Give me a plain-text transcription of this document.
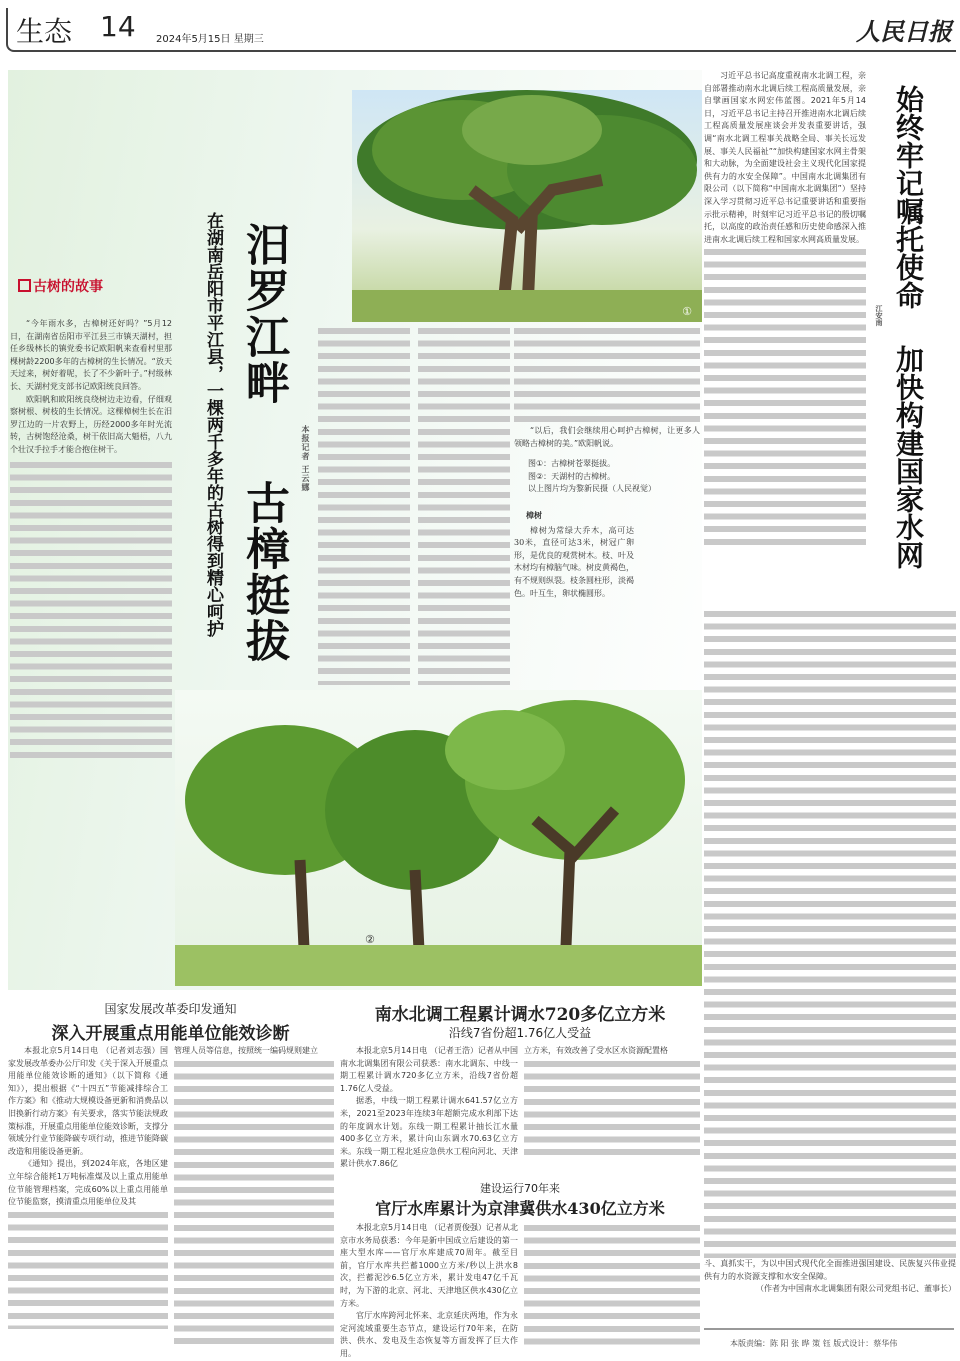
生态 14 2024年5月15日 星期三	人民日报
古树的故事

“今年雨水多，古樟树还好吗？”5月12日，在湖南省岳阳市平江县三市镇天湖村，担任乡级林长的镇党委书记欧阳帆来查看村里那棵树龄2200多年的古樟树的生长情况。“放天天过来，树好着呢，长了不少新叶子。”村级林长、天湖村党支部书记欧阳统良回答。

欧阳帆和欧阳统良绕树边走边看，仔细观察树根、树枝的生长情况。这棵樟树生长在汨罗江边的一片农野上，历经2000多年时光流转，古树饱经沧桑，树干依旧高大魁梧，八九个壮汉手拉手才能合抱住树干。	在湖南岳阳市平江县，一棵两千多年的古树得到精心呵护 汨罗江畔
古樟挺拔
本报记者 王云娜
①

“以后，我们会继续用心呵护古樟树，让更多人领略古樟树的美。”欧阳帆说。

图①：古樟树苍翠挺拔。
图②：天湖村的古樟树。
以上图片均为黎新民摄（人民视觉）
樟树

樟树为常绿大乔木，高可达30米，直径可达3米，树冠广卵形，是优良的观赏树木。枝、叶及木材均有樟脑气味。树皮黄褐色，有不规则纵裂。枝条圆柱形，淡褐色。叶互生，卵状椭圆形。

②
始终牢记嘱托使命
加快构建国家水网
江安南

习近平总书记高度重视南水北调工程，亲自部署推动南水北调后续工程高质量发展，亲自擘画国家水网宏伟蓝图。2021年5月14日，习近平总书记主持召开推进南水北调后续工程高质量发展座谈会并发表重要讲话，强调“南水北调工程事关战略全局、事关长远发展、事关人民福祉”“加快构建国家水网主骨架和大动脉，为全面建设社会主义现代化国家提供有力的水安全保障”。中国南水北调集团有限公司（以下简称“中国南水北调集团”）坚持深入学习贯彻习近平总书记重要讲话和重要指示批示精神，时刻牢记习近平总书记的殷切嘱托，以高度的政治责任感和历史使命感深入推进南水北调后续工程和国家水网高质量发展。

斗、真抓实干，为以中国式现代化全面推进强国建设、民族复兴伟业提供有力的水资源支撑和水安全保障。

（作者为中国南水北调集团有限公司党组书记、董事长）
本版责编：陈 阳 张 晔 策 钰 版式设计：蔡华伟
国家发展改革委印发通知
深入开展重点用能单位能效诊断

本报北京5月14日电 （记者刘志强）国家发展改革委办公厅印发《关于深入开展重点用能单位能效诊断的通知》（以下简称《通知》），提出根据《“十四五”节能减排综合工作方案》和《推动大规模设备更新和消费品以旧换新行动方案》有关要求，落实节能法规政策标准，开展重点用能单位能效诊断，支撑分领域分行业节能降碳专项行动，推进节能降碳改造和用能设备更新。

《通知》提出，到2024年底，各地区建立年综合能耗1万吨标准煤及以上重点用能单位节能管理档案，完成60%以上重点用能单位节能监察，摸清重点用能单位及其

管理人员等信息，按照统一编码规则建立
南水北调工程累计调水720多亿立方米
沿线7省份超1.76亿人受益

本报北京5月14日电 （记者王浩）记者从中国南水北调集团有限公司获悉：南水北调东、中线一期工程累计调水720多亿立方米，沿线7省份超1.76亿人受益。

据悉，中线一期工程累计调水641.57亿立方米，2021至2023年连续3年超额完成水利部下达的年度调水计划。东线一期工程累计抽长江水量400多亿立方米，累计向山东调水70.63亿立方米。东线一期工程北延应急供水工程向河北、天津累计供水7.86亿

立方米，有效改善了受水区水资源配置格
建设运行70年来
官厅水库累计为京津冀供水430亿立方米

本报北京5月14日电 （记者贾俊强）记者从北京市水务局获悉：今年是新中国成立后建设的第一座大型水库——官厅水库建成70周年。截至目前，官厅水库共拦蓄1000立方米/秒以上洪水8次，拦蓄泥沙6.5亿立方米，累计发电47亿千瓦时，为下游的北京、河北、天津地区供水430亿立方米。

官厅水库跨河北怀来、北京延庆两地，作为永定河流域重要生态节点，建设运行70年来，在防洪、供水、发电及生态恢复等方面发挥了巨大作用。
